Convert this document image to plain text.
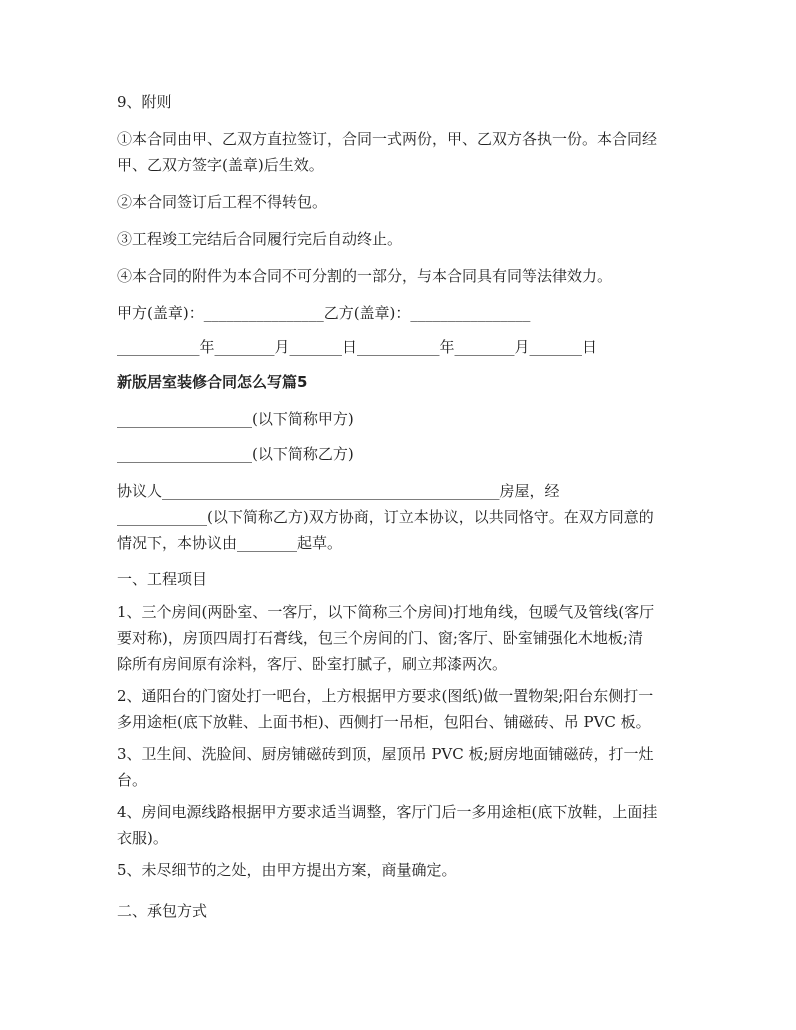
9、附则
①本合同由甲、乙双方直拉签订，合同一式两份，甲、乙双方各执一份。本合同经
甲、乙双方签字(盖章)后生效。
②本合同签订后工程不得转包。
③工程竣工完结后合同履行完后自动终止。
④本合同的附件为本合同不可分割的一部分，与本合同具有同等法律效力。
甲方(盖章)：________________乙方(盖章)：________________
___________年________月_______日___________年________月_______日
新版居室装修合同怎么写篇5
__________________(以下简称甲方)
__________________(以下简称乙方)
协议人_____________________________________________房屋，经
____________(以下简称乙方)双方协商，订立本协议，以共同恪守。在双方同意的
情况下，本协议由________起草。
一、工程项目
1、三个房间(两卧室、一客厅，以下简称三个房间)打地角线，包暖气及管线(客厅
要对称)，房顶四周打石膏线，包三个房间的门、窗;客厅、卧室铺强化木地板;清
除所有房间原有涂料，客厅、卧室打腻子，刷立邦漆两次。
2、通阳台的门窗处打一吧台，上方根据甲方要求(图纸)做一置物架;阳台东侧打一
多用途柜(底下放鞋、上面书柜)、西侧打一吊柜，包阳台、铺磁砖、吊 PVC 板。
3、卫生间、洗脸间、厨房铺磁砖到顶，屋顶吊 PVC 板;厨房地面铺磁砖，打一灶
台。
4、房间电源线路根据甲方要求适当调整，客厅门后一多用途柜(底下放鞋，上面挂
衣服)。
5、未尽细节的之处，由甲方提出方案，商量确定。
二、承包方式
